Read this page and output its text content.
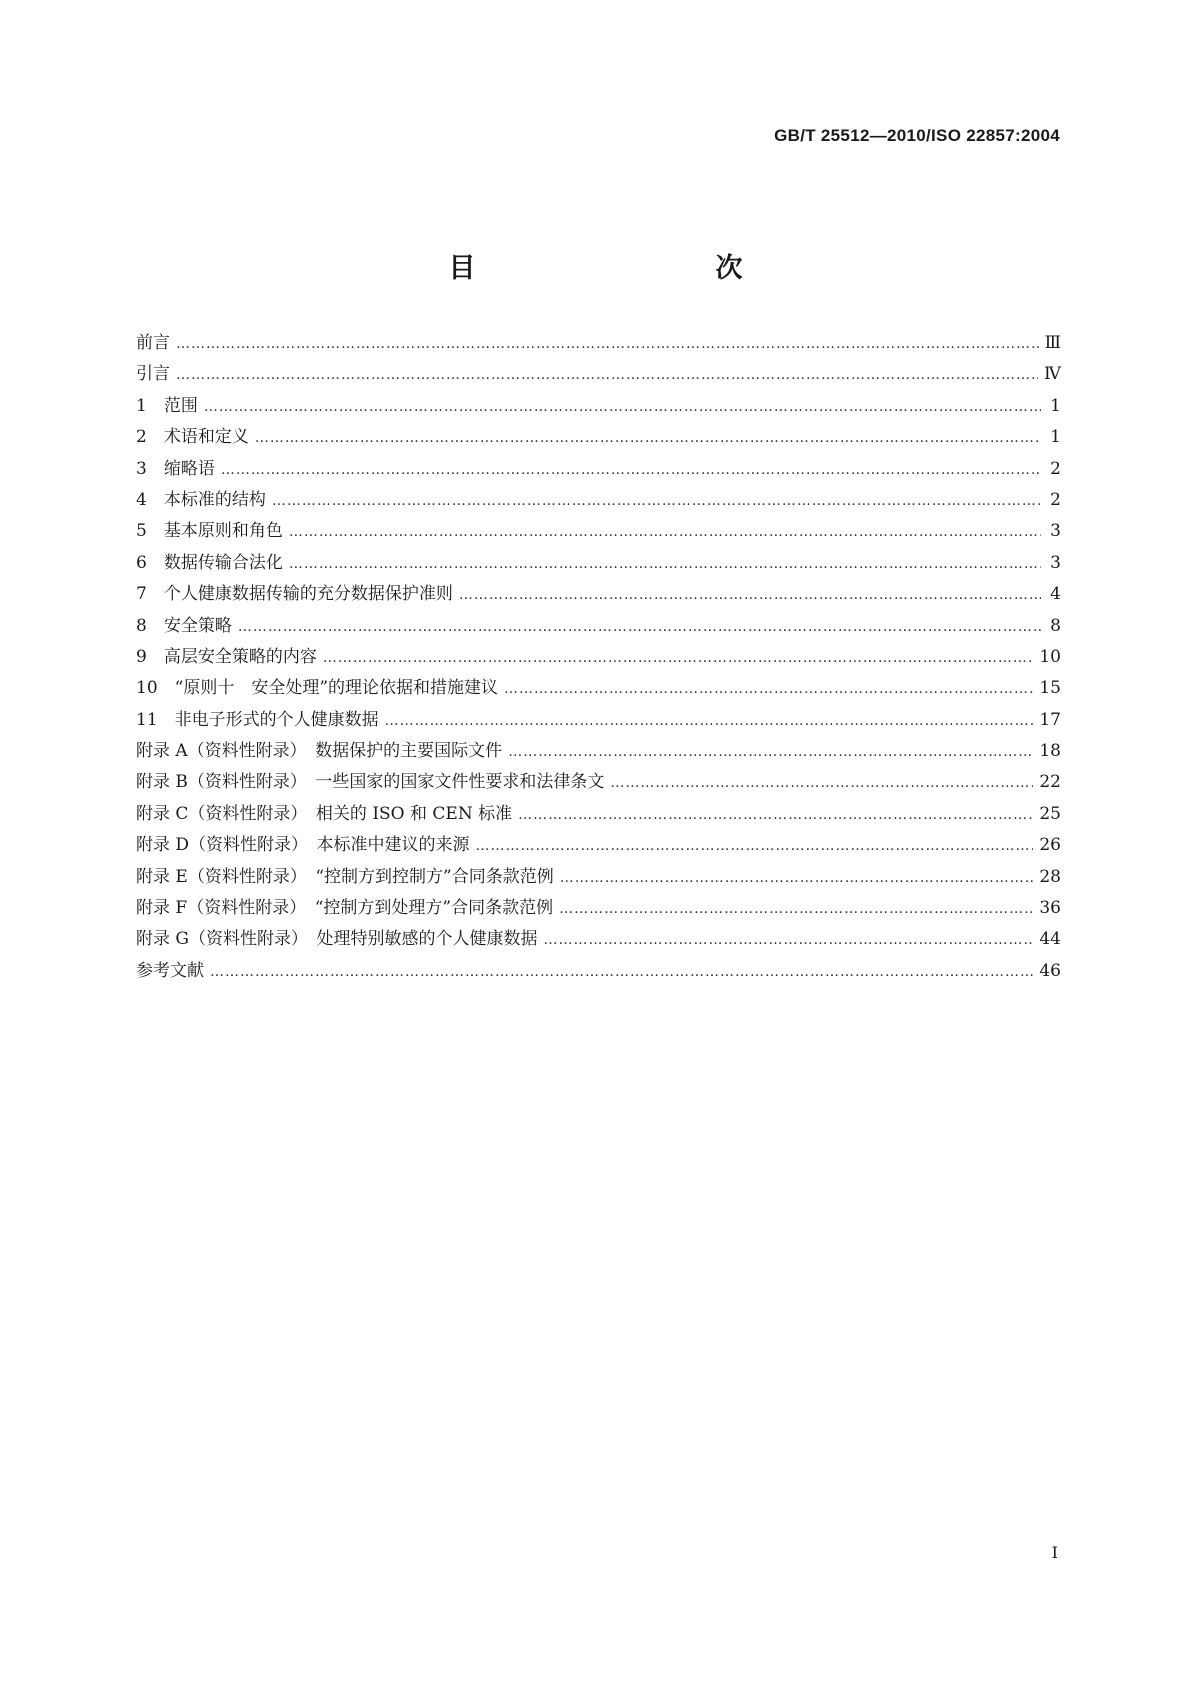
GB/T 25512—2010/ISO 22857:2004
目　　次
前言 ……………………………………………………………………………………………………………………………………………………………………………………………………………………………………………………………………	Ⅲ
引言 ……………………………………………………………………………………………………………………………………………………………………………………………………………………………………………………………………	Ⅳ
1　范围 ……………………………………………………………………………………………………………………………………………………………………………………………………………………………………………………………………	1
2　术语和定义 ……………………………………………………………………………………………………………………………………………………………………………………………………………………………………………………………………	1
3　缩略语 ……………………………………………………………………………………………………………………………………………………………………………………………………………………………………………………………………	2
4　本标准的结构 ……………………………………………………………………………………………………………………………………………………………………………………………………………………………………………………………………	2
5　基本原则和角色 ……………………………………………………………………………………………………………………………………………………………………………………………………………………………………………………………………	3
6　数据传输合法化 ……………………………………………………………………………………………………………………………………………………………………………………………………………………………………………………………………	3
7　个人健康数据传输的充分数据保护准则 ……………………………………………………………………………………………………………………………………………………………………………………………………………………………………………………………………	4
8　安全策略 ……………………………………………………………………………………………………………………………………………………………………………………………………………………………………………………………………	8
9　高层安全策略的内容 ……………………………………………………………………………………………………………………………………………………………………………………………………………………………………………………………………	10
10　“原则十　安全处理”的理论依据和措施建议 ……………………………………………………………………………………………………………………………………………………………………………………………………………………………………………………………………	15
11　非电子形式的个人健康数据 ……………………………………………………………………………………………………………………………………………………………………………………………………………………………………………………………………	17
附录 A（资料性附录）　数据保护的主要国际文件 ……………………………………………………………………………………………………………………………………………………………………………………………………………………………………………………………………	18
附录 B（资料性附录）　一些国家的国家文件性要求和法律条文 ……………………………………………………………………………………………………………………………………………………………………………………………………………………………………………………………………	22
附录 C（资料性附录）　相关的 ISO 和 CEN 标准 ……………………………………………………………………………………………………………………………………………………………………………………………………………………………………………………………………	25
附录 D（资料性附录）　本标准中建议的来源 ……………………………………………………………………………………………………………………………………………………………………………………………………………………………………………………………………	26
附录 E（资料性附录）　“控制方到控制方”合同条款范例 ……………………………………………………………………………………………………………………………………………………………………………………………………………………………………………………………………	28
附录 F（资料性附录）　“控制方到处理方”合同条款范例 ……………………………………………………………………………………………………………………………………………………………………………………………………………………………………………………………………	36
附录 G（资料性附录）　处理特别敏感的个人健康数据 ……………………………………………………………………………………………………………………………………………………………………………………………………………………………………………………………………	44
参考文献 ……………………………………………………………………………………………………………………………………………………………………………………………………………………………………………………………………	46
Ⅰ
